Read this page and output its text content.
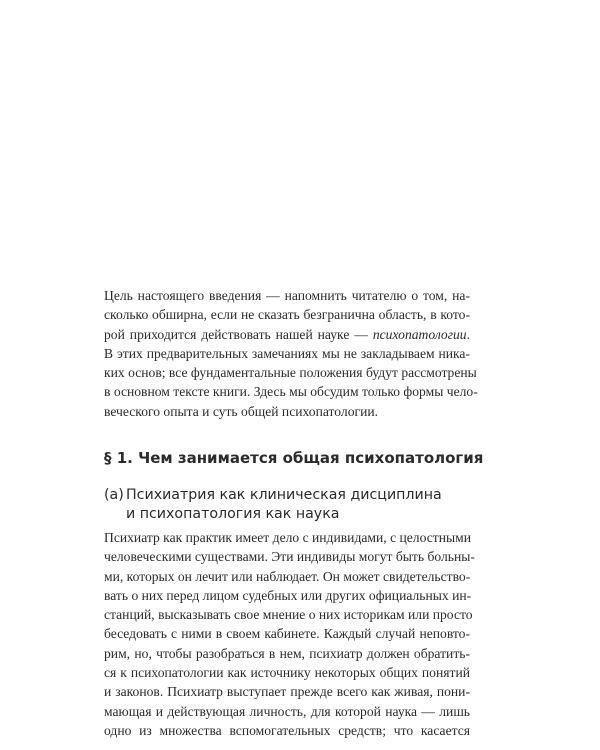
Цель настоящего введения — напомнить читателю о том, на-
сколько обширна, если не сказать безгранична область, в кото-
рой приходится действовать нашей науке — психопатологии.
В этих предварительных замечаниях мы не закладываем ника-
ких основ; все фундаментальные положения будут рассмотрены
в основном тексте книги. Здесь мы обсудим только формы чело-
веческого опыта и суть общей психопатологии.

§ 1. Чем занимается общая психопатология
(а) Психиатрия как клиническая дисциплина
и психопатология как наука

Психиатр как практик имеет дело с индивидами, с целостными
человеческими существами. Эти индивиды могут быть больны-
ми, которых он лечит или наблюдает. Он может свидетельство-
вать о них перед лицом судебных или других официальных ин-
станций, высказывать свое мнение о них историкам или просто
беседовать с ними в своем кабинете. Каждый случай неповто-
рим, но, чтобы разобраться в нем, психиатр должен обратить-
ся к психопатологии как источнику некоторых общих понятий
и законов. Психиатр выступает прежде всего как живая, пони-
мающая и действующая личность, для которой наука — лишь
одно из множества вспомогательных средств; что касается
